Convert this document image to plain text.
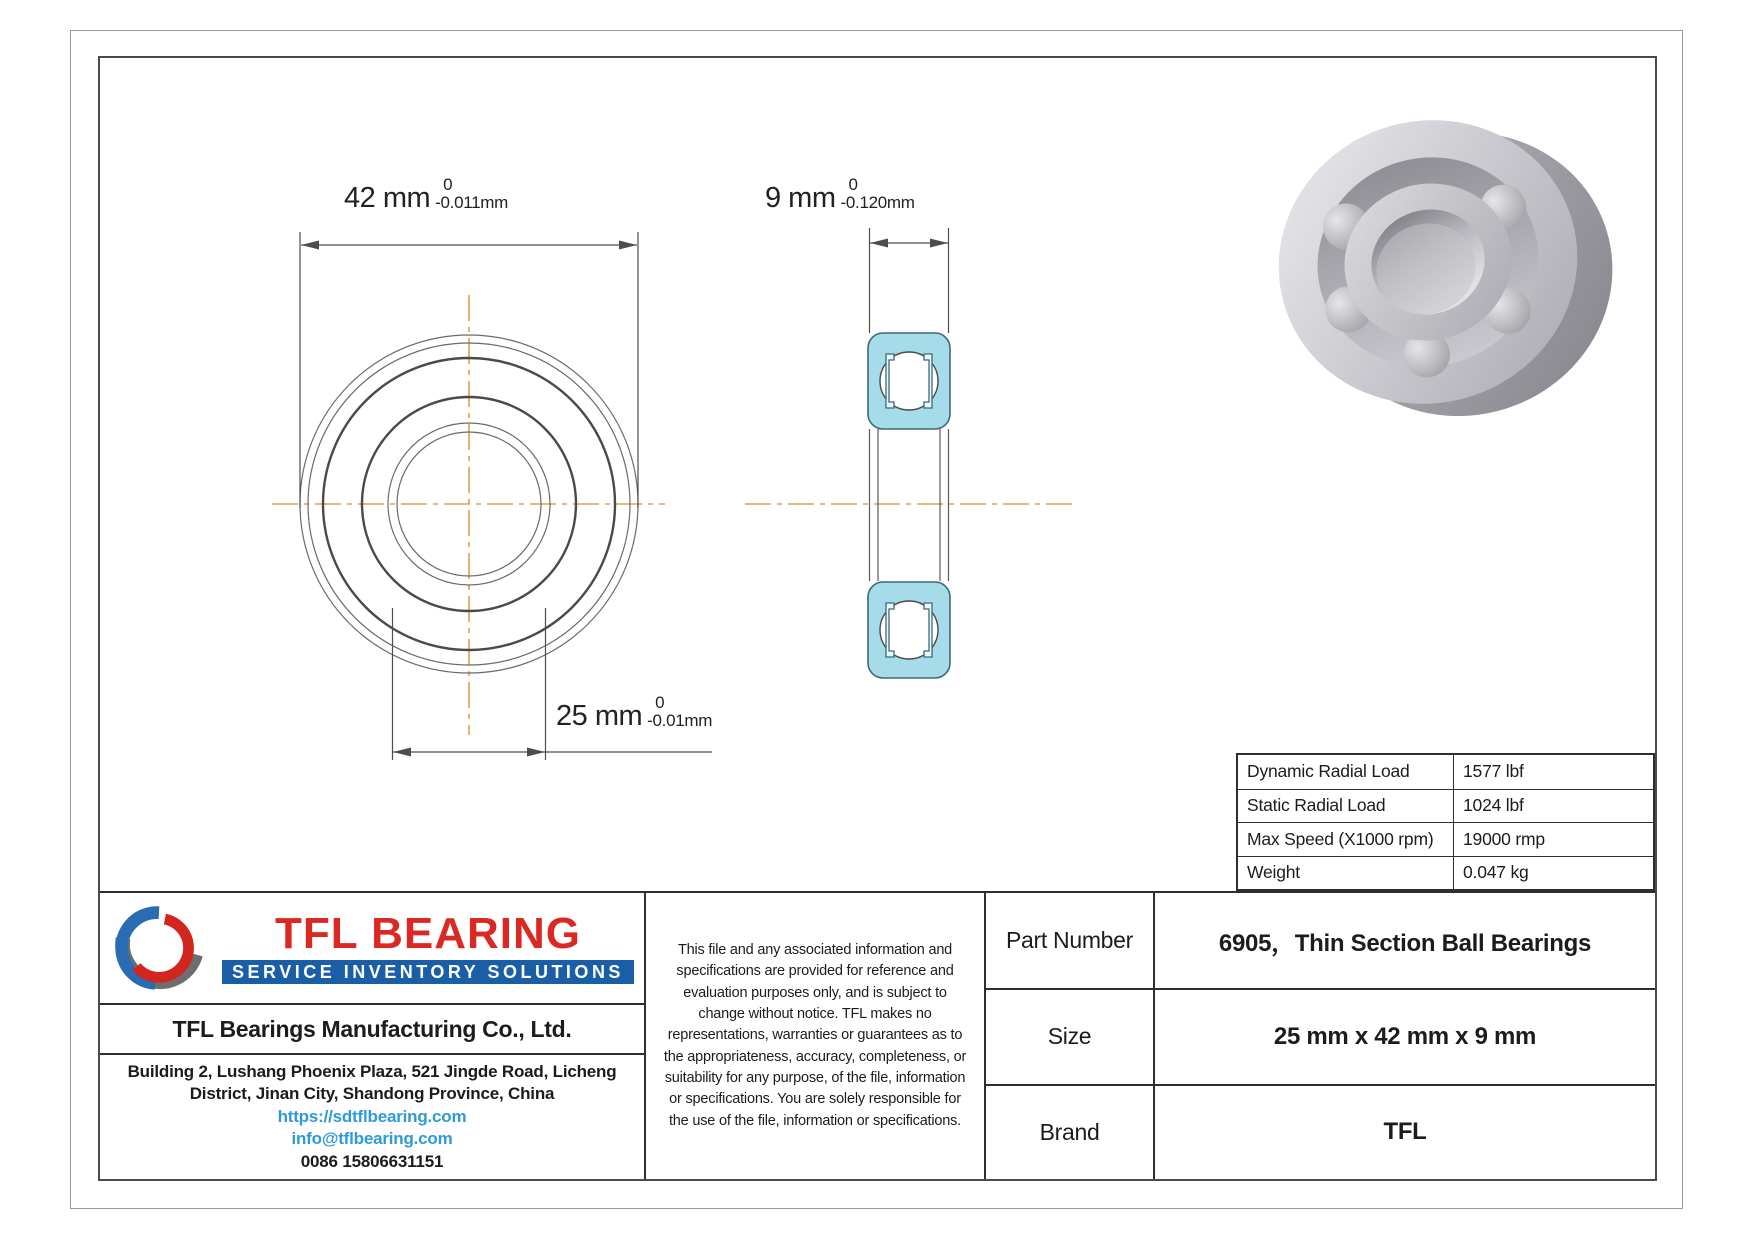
42 mm 0
-0.011mm	9 mm 0
-0.120mm
25 mm 0
-0.01mm
Dynamic Radial Load	1577 lbf
Static Radial Load	1024 lbf
Max Speed (X1000 rpm)	19000 rmp
Weight	0.047 kg
TFL BEARING
SERVICE INVENTORY SOLUTIONS
TFL Bearings Manufacturing Co., Ltd.
Building 2, Lushang Phoenix Plaza, 521 Jingde Road, Licheng
District, Jinan City, Shandong Province, China
https://sdtflbearing.com
info@tflbearing.com
0086 15806631151
This file and any associated information and specifications are provided for reference and evaluation purposes only, and is subject to change without notice. TFL makes no representations, warranties or guarantees as to the appropriateness, accuracy, completeness, or suitability for any purpose, of the file, information or specifications. You are solely responsible for the use of the file, information or specifications.
Part Number	6905，Thin Section Ball Bearings
Size	25 mm x 42 mm x 9 mm
Brand	TFL
